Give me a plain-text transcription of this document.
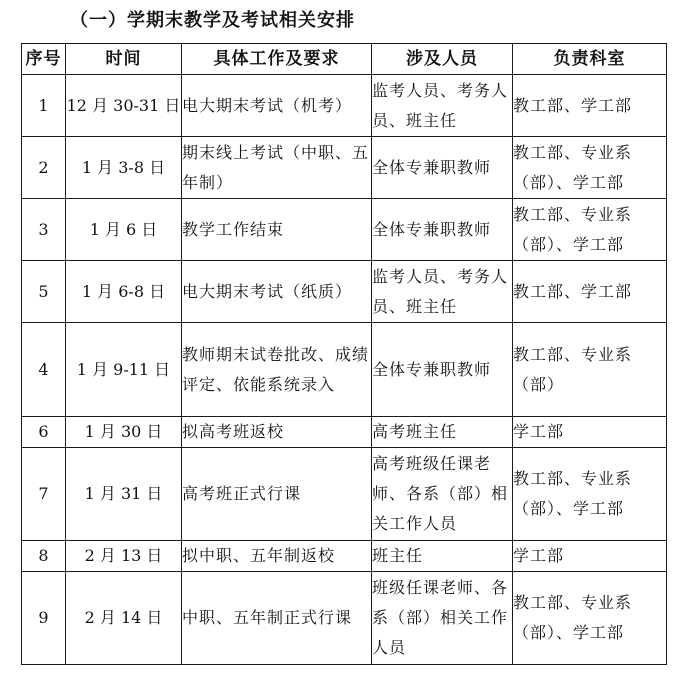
（一）学期末教学及考试相关安排
序号	时间	具体工作及要求	涉及人员	负责科室
1	12 月 30-31 日	电大期末考试（机考）	监考人员、考务人员、班主任	教工部、学工部
2	1 月 3-8 日	期末线上考试（中职、五年制）	全体专兼职教师	教工部、专业系（部）、学工部
3	1 月 6 日	教学工作结束	全体专兼职教师	教工部、专业系（部）、学工部
5	1 月 6-8 日	电大期末考试（纸质）	监考人员、考务人员、班主任	教工部、学工部
4	1 月 9-11 日	教师期末试卷批改、成绩评定、依能系统录入	全体专兼职教师	教工部、专业系（部）
6	1 月 30 日	拟高考班返校	高考班主任	学工部
7	1 月 31 日	高考班正式行课	高考班级任课老师、各系（部）相关工作人员	教工部、专业系（部）、学工部
8	2 月 13 日	拟中职、五年制返校	班主任	学工部
9	2 月 14 日	中职、五年制正式行课	班级任课老师、各系（部）相关工作人员	教工部、专业系（部）、学工部
